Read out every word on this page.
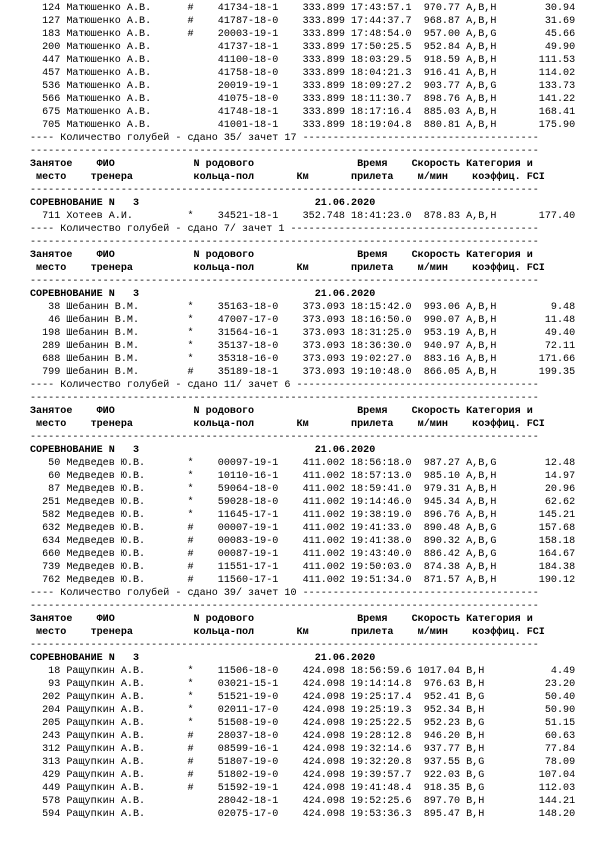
124 Матюшенко А.В.      #    41734-18-1    333.899 17:43:57.1  970.77 A,B,H        30.94
127 Матюшенко А.В.      #    41787-18-0    333.899 17:44:37.7  968.87 A,B,H        31.69
183 Матюшенко А.В.      #    20003-19-1    333.899 17:48:54.0  957.00 A,B,G        45.66
200 Матюшенко А.В.           41737-18-1    333.899 17:50:25.5  952.84 A,B,H        49.90
447 Матюшенко А.В.           41100-18-0    333.899 18:03:29.5  918.59 A,B,H       111.53
457 Матюшенко А.В.           41758-18-0    333.899 18:04:21.3  916.41 A,B,H       114.02
536 Матюшенко А.В.           20019-19-1    333.899 18:09:27.2  903.77 A,B,G       133.73
566 Матюшенко А.В.           41075-18-0    333.899 18:11:30.7  898.76 A,B,H       141.22
675 Матюшенко А.В.           41748-18-1    333.899 18:17:16.4  885.03 A,B,H       168.41
705 Матюшенко А.В.           41001-18-1    333.899 18:19:04.8  880.81 A,B,H       175.90
---- Количество голубей - сдано 35/ зачет 17 ---------------------------------------
------------------------------------------------------------------------------------
Занятое    ФИО             N родового                 Время    Скорость Категория и
место    тренера          кольца-пол       Км       прилета    м/мин    коэффиц. FCI
------------------------------------------------------------------------------------
СОРЕВНОВАНИЕ N   3                             21.06.2020
711 Хотеев А.И.         *    34521-18-1    352.748 18:41:23.0  878.83 A,B,H       177.40
---- Количество голубей - сдано 7/ зачет 1 -----------------------------------------
------------------------------------------------------------------------------------
Занятое    ФИО             N родового                 Время    Скорость Категория и
место    тренера          кольца-пол       Км       прилета    м/мин    коэффиц. FCI
------------------------------------------------------------------------------------
СОРЕВНОВАНИЕ N   3                             21.06.2020
38 Шебанин В.М.        *    35163-18-0    373.093 18:15:42.0  993.06 A,B,H         9.48
46 Шебанин В.М.        *    47007-17-0    373.093 18:16:50.0  990.07 A,B,H        11.48
198 Шебанин В.М.        *    31564-16-1    373.093 18:31:25.0  953.19 A,B,H        49.40
289 Шебанин В.М.        *    35137-18-0    373.093 18:36:30.0  940.97 A,B,H        72.11
688 Шебанин В.М.        *    35318-16-0    373.093 19:02:27.0  883.16 A,B,H       171.66
799 Шебанин В.М.        #    35189-18-1    373.093 19:10:48.0  866.05 A,B,H       199.35
---- Количество голубей - сдано 11/ зачет 6 ----------------------------------------
------------------------------------------------------------------------------------
Занятое    ФИО             N родового                 Время    Скорость Категория и
место    тренера          кольца-пол       Км       прилета    м/мин    коэффиц. FCI
------------------------------------------------------------------------------------
СОРЕВНОВАНИЕ N   3                             21.06.2020
50 Медведев Ю.В.       *    00097-19-1    411.002 18:56:18.0  987.27 A,B,G        12.48
60 Медведев Ю.В.       *    10110-16-1    411.002 18:57:13.0  985.10 A,B,H        14.97
87 Медведев Ю.В.       *    59064-18-0    411.002 18:59:41.0  979.31 A,B,H        20.96
251 Медведев Ю.В.       *    59028-18-0    411.002 19:14:46.0  945.34 A,B,H        62.62
582 Медведев Ю.В.       *    11645-17-1    411.002 19:38:19.0  896.76 A,B,H       145.21
632 Медведев Ю.В.       #    00007-19-1    411.002 19:41:33.0  890.48 A,B,G       157.68
634 Медведев Ю.В.       #    00083-19-0    411.002 19:41:38.0  890.32 A,B,G       158.18
660 Медведев Ю.В.       #    00087-19-1    411.002 19:43:40.0  886.42 A,B,G       164.67
739 Медведев Ю.В.       #    11551-17-1    411.002 19:50:03.0  874.38 A,B,H       184.38
762 Медведев Ю.В.       #    11560-17-1    411.002 19:51:34.0  871.57 A,B,H       190.12
---- Количество голубей - сдано 39/ зачет 10 ---------------------------------------
------------------------------------------------------------------------------------
Занятое    ФИО             N родового                 Время    Скорость Категория и
место    тренера          кольца-пол       Км       прилета    м/мин    коэффиц. FCI
------------------------------------------------------------------------------------
СОРЕВНОВАНИЕ N   3                             21.06.2020
18 Ращупкин А.В.       *    11506-18-0    424.098 18:56:59.6 1017.04 B,H           4.49
93 Ращупкин А.В.       *    03021-15-1    424.098 19:14:14.8  976.63 B,H          23.20
202 Ращупкин А.В.       *    51521-19-0    424.098 19:25:17.4  952.41 B,G          50.40
204 Ращупкин А.В.       *    02011-17-0    424.098 19:25:19.3  952.34 B,H          50.90
205 Ращупкин А.В.       *    51508-19-0    424.098 19:25:22.5  952.23 B,G          51.15
243 Ращупкин А.В.       #    28037-18-0    424.098 19:28:12.8  946.20 B,H          60.63
312 Ращупкин А.В.       #    08599-16-1    424.098 19:32:14.6  937.77 B,H          77.84
313 Ращупкин А.В.       #    51807-19-0    424.098 19:32:20.8  937.55 B,G          78.09
429 Ращупкин А.В.       #    51802-19-0    424.098 19:39:57.7  922.03 B,G         107.04
449 Ращупкин А.В.       #    51592-19-1    424.098 19:41:48.4  918.35 B,G         112.03
578 Ращупкин А.В.            28042-18-1    424.098 19:52:25.6  897.70 B,H         144.21
594 Ращупкин А.В.            02075-17-0    424.098 19:53:36.3  895.47 B,H         148.20
